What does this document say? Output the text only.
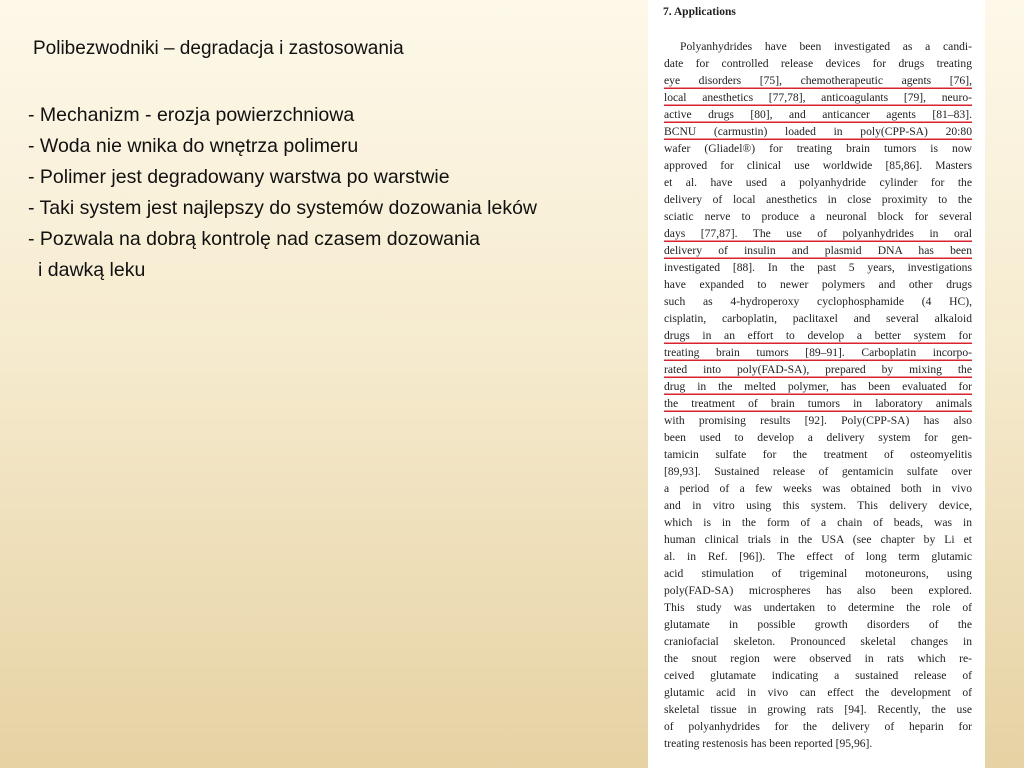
Polibezwodniki – degradacja i zastosowania
- Mechanizm - erozja powierzchniowa
- Woda nie wnika do wnętrza polimeru
- Polimer jest degradowany warstwa po warstwie
- Taki system jest najlepszy do systemów dozowania leków
- Pozwala na dobrą kontrolę nad czasem dozowania
i dawką leku
7. Applications
Polyanhydrides have been investigated as a candi-
date for controlled release devices for drugs treating
eye disorders [75], chemotherapeutic agents [76],
local anesthetics [77,78], anticoagulants [79], neuro-
active drugs [80], and anticancer agents [81–83].
BCNU (carmustin) loaded in poly(CPP-SA) 20:80
wafer (Gliadel®) for treating brain tumors is now
approved for clinical use worldwide [85,86]. Masters
et al. have used a polyanhydride cylinder for the
delivery of local anesthetics in close proximity to the
sciatic nerve to produce a neuronal block for several
days [77,87]. The use of polyanhydrides in oral
delivery of insulin and plasmid DNA has been
investigated [88]. In the past 5 years, investigations
have expanded to newer polymers and other drugs
such as 4-hydroperoxy cyclophosphamide (4 HC),
cisplatin, carboplatin, paclitaxel and several alkaloid
drugs in an effort to develop a better system for
treating brain tumors [89–91]. Carboplatin incorpo-
rated into poly(FAD-SA), prepared by mixing the
drug in the melted polymer, has been evaluated for
the treatment of brain tumors in laboratory animals
with promising results [92]. Poly(CPP-SA) has also
been used to develop a delivery system for gen-
tamicin sulfate for the treatment of osteomyelitis
[89,93]. Sustained release of gentamicin sulfate over
a period of a few weeks was obtained both in vivo
and in vitro using this system. This delivery device,
which is in the form of a chain of beads, was in
human clinical trials in the USA (see chapter by Li et
al. in Ref. [96]). The effect of long term glutamic
acid stimulation of trigeminal motoneurons, using
poly(FAD-SA) microspheres has also been explored.
This study was undertaken to determine the role of
glutamate in possible growth disorders of the
craniofacial skeleton. Pronounced skeletal changes in
the snout region were observed in rats which re-
ceived glutamate indicating a sustained release of
glutamic acid in vivo can effect the development of
skeletal tissue in growing rats [94]. Recently, the use
of polyanhydrides for the delivery of heparin for
treating restenosis has been reported [95,96].
